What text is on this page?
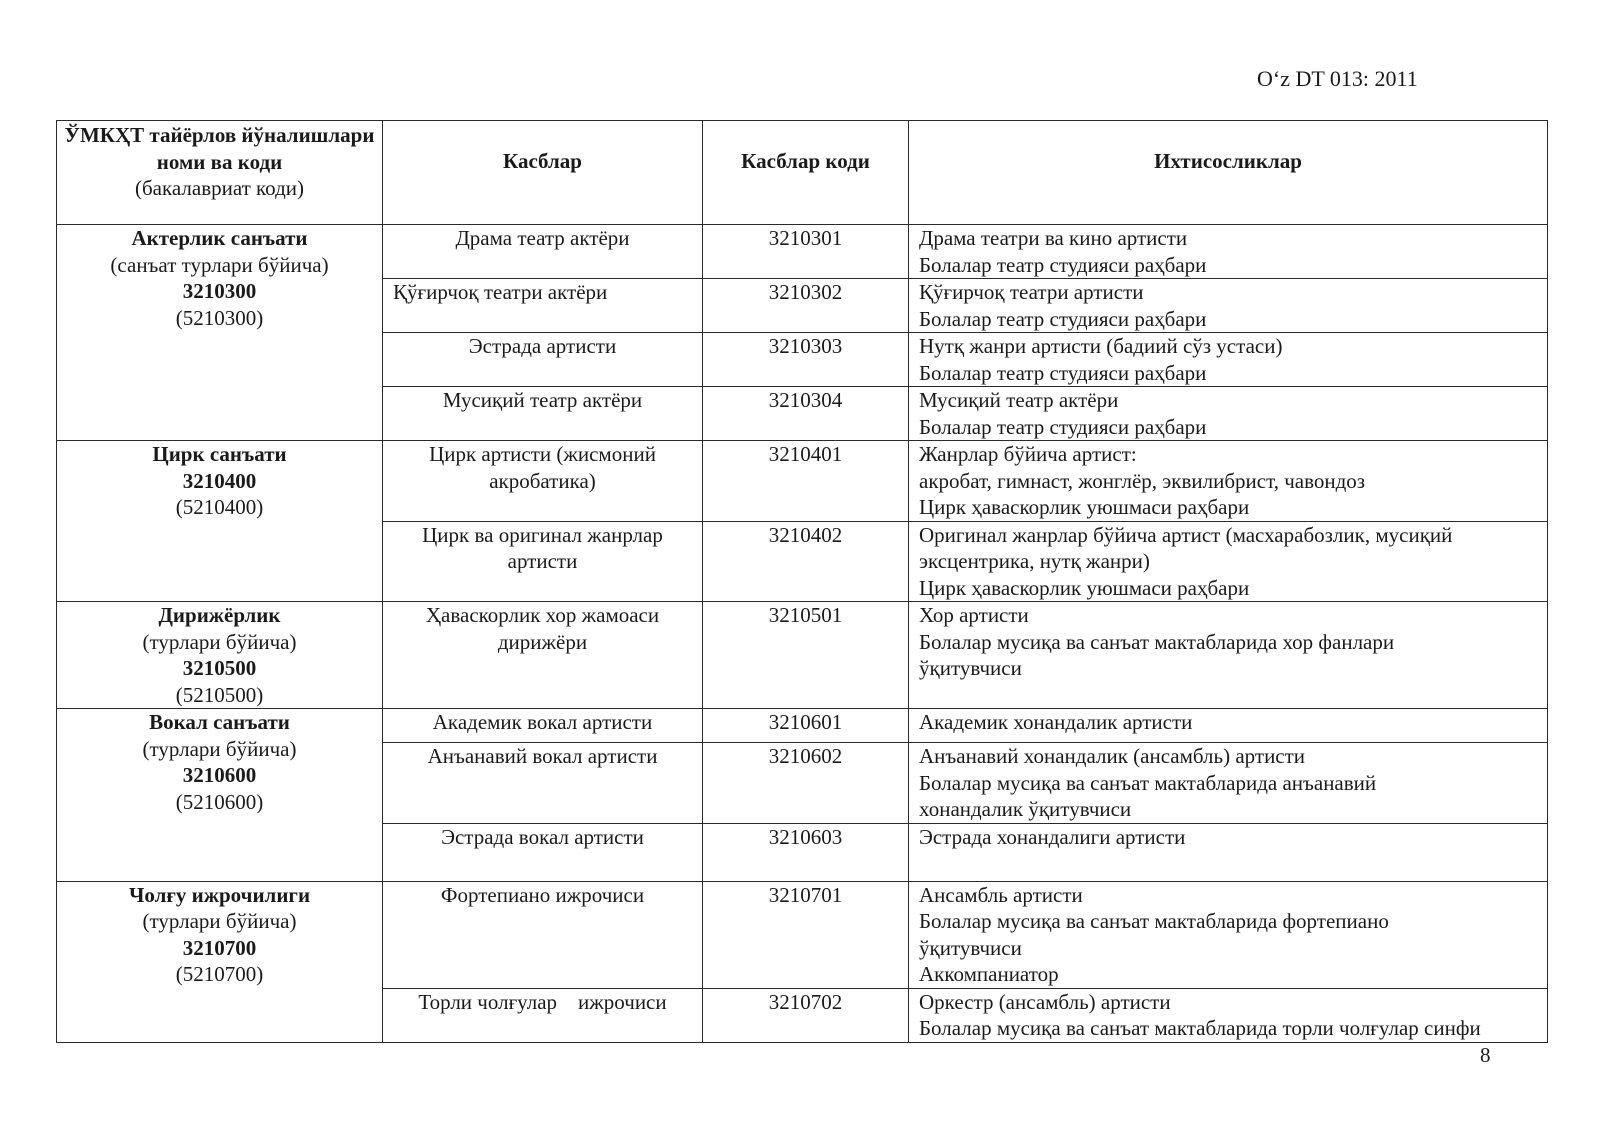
O‘z DT 013: 2011
ЎМКҲТ тайёрлов йўналишлари номи ва коди
(бакалавриат коди)	Касблар	Касблар коди	Ихтисосликлар

Актерлик санъати
(санъат турлари бўйича)
3210300
(5210300)	Драма театр актёри	3210301	Драма театри ва кино артисти
Болалар театр студияси раҳбари

	Қўғирчоқ театри актёри	3210302	Қўғирчоқ театри артисти
Болалар театр студияси раҳбари

	Эстрада артисти	3210303	Нутқ жанри артисти (бадиий сўз устаси)
Болалар театр студияси раҳбари

	Мусиқий театр актёри	3210304	Мусиқий театр актёри
Болалар театр студияси раҳбари

Цирк санъати
3210400
(5210400)	Цирк артисти (жисмоний
акробатика)	3210401	Жанрлар бўйича артист:
акробат, гимнаст, жонглёр, эквилибрист, чавондоз
Цирк ҳаваскорлик уюшмаси раҳбари

	Цирк ва оригинал жанрлар
артисти	3210402	Оригинал жанрлар бўйича артист (масхарабозлик, мусиқий
эксцентрика, нутқ жанри)
Цирк ҳаваскорлик уюшмаси раҳбари

Дирижёрлик
(турлари бўйича)
3210500
(5210500)	Ҳаваскорлик хор жамоаси
дирижёри	3210501	Хор артисти
Болалар мусиқа ва санъат мактабларида хор фанлари
ўқитувчиси

Вокал санъати
(турлари бўйича)
3210600
(5210600)	Академик вокал артисти	3210601	Академик хонандалик артисти

	Анъанавий вокал артисти	3210602	Анъанавий хонандалик (ансамбль) артисти
Болалар мусиқа ва санъат мактабларида анъанавий
хонандалик ўқитувчиси

	Эстрада вокал артисти	3210603	Эстрада хонандалиги артисти

Чолғу ижрочилиги
(турлари бўйича)
3210700
(5210700)	Фортепиано ижрочиси	3210701	Ансамбль артисти
Болалар мусиқа ва санъат мактабларида фортепиано
ўқитувчиси
Аккомпаниатор

	Торли чолғулар    ижрочиси	3210702	Оркестр (ансамбль) артисти
Болалар мусиқа ва санъат мактабларида торли чолғулар синфи
8
